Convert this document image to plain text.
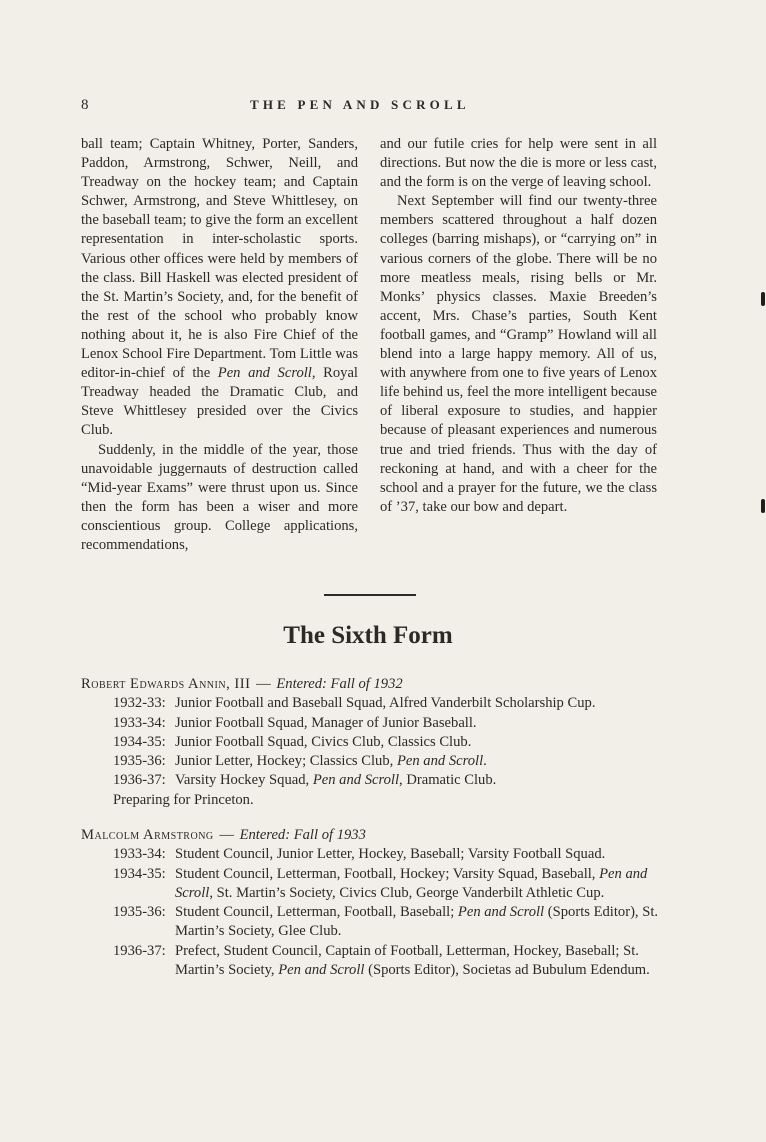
8	THE PEN AND SCROLL

ball team; Captain Whitney, Porter, Sanders, Paddon, Armstrong, Schwer, Neill, and Treadway on the hockey team; and Captain Schwer, Armstrong, and Steve Whittlesey, on the baseball team; to give the form an excellent representation in inter-scholastic sports. Various other offices were held by members of the class. Bill Haskell was elected president of the St. Martin’s Society, and, for the benefit of the rest of the school who probably know nothing about it, he is also Fire Chief of the Lenox School Fire Department. Tom Little was editor-in-chief of the Pen and Scroll, Royal Treadway headed the Dramatic Club, and Steve Whittlesey presided over the Civics Club.

Suddenly, in the middle of the year, those unavoidable juggernauts of destruction called “Mid-year Exams” were thrust upon us. Since then the form has been a wiser and more conscientious group. College applications, recommendations,

and our futile cries for help were sent in all directions. But now the die is more or less cast, and the form is on the verge of leaving school.

Next September will find our twenty-three members scattered throughout a half dozen colleges (barring mishaps), or “carrying on” in various corners of the globe. There will be no more meatless meals, rising bells or Mr. Monks’ physics classes. Maxie Breeden’s accent, Mrs. Chase’s parties, South Kent football games, and “Gramp” Howland will all blend into a large happy memory. All of us, with anywhere from one to five years of Lenox life behind us, feel the more intelligent because of liberal exposure to studies, and happier because of pleasant experiences and numerous true and tried friends. Thus with the day of reckoning at hand, and with a cheer for the school and a prayer for the future, we the class of ’37, take our bow and depart.

The Sixth Form
Robert Edwards Annin, III — Entered: Fall of 1932
1932-33: Junior Football and Baseball Squad, Alfred Vanderbilt Scholarship Cup.
1933-34: Junior Football Squad, Manager of Junior Baseball.
1934-35: Junior Football Squad, Civics Club, Classics Club.
1935-36: Junior Letter, Hockey; Classics Club, Pen and Scroll.
1936-37: Varsity Hockey Squad, Pen and Scroll, Dramatic Club.
Preparing for Princeton.
Malcolm Armstrong — Entered: Fall of 1933
1933-34: Student Council, Junior Letter, Hockey, Baseball; Varsity Football Squad.
1934-35: Student Council, Letterman, Football, Hockey; Varsity Squad, Baseball, Pen and Scroll, St. Martin’s Society, Civics Club, George Vanderbilt Athletic Cup.
1935-36: Student Council, Letterman, Football, Baseball; Pen and Scroll (Sports Editor), St. Martin’s Society, Glee Club.
1936-37: Prefect, Student Council, Captain of Football, Letterman, Hockey, Baseball; St. Martin’s Society, Pen and Scroll (Sports Editor), Societas ad Bubulum Edendum.
